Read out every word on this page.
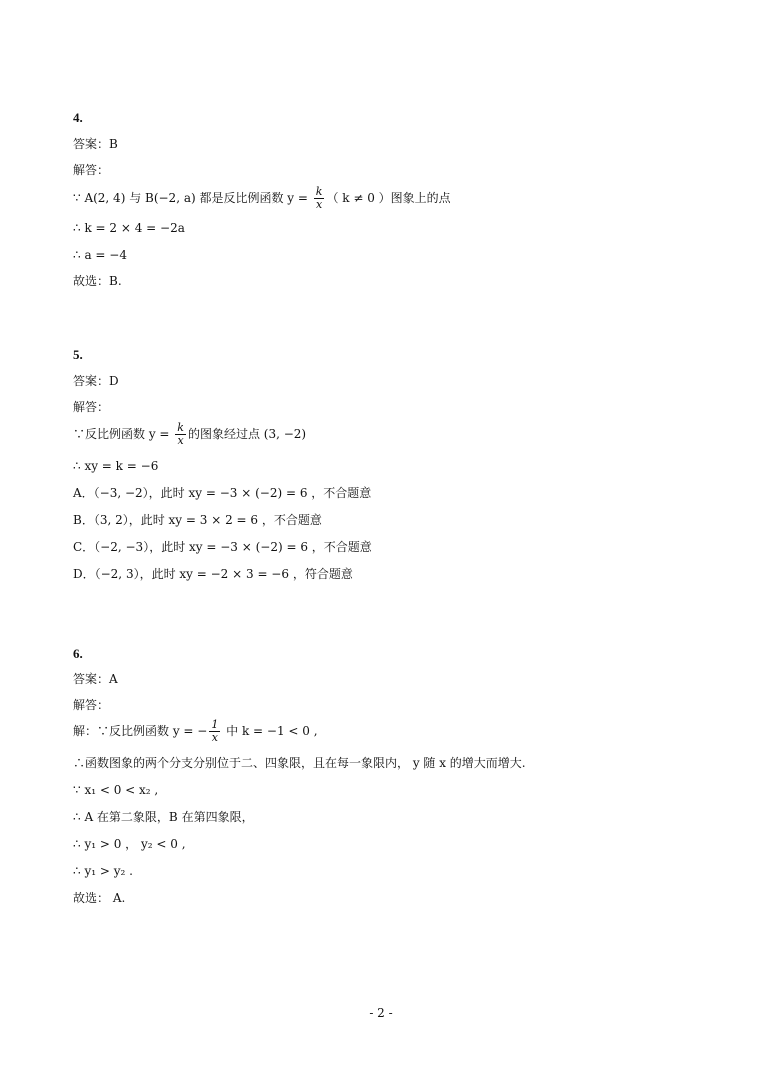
4.
答案：B
解答：
∵ A(2, 4) 与 B(−2, a) 都是反比例函数 $y = \frac{k}{x}$ （ k ≠ 0 ）图象上的点
∴ k = 2 × 4 = −2a
∴ a = −4
故选：B.
5.
答案：D
解答：
∵反比例函数 $y = \frac{k}{x}$ 的图象经过点 (3, −2)
∴ xy = k = −6
A．（−3, −2），此时 xy = −3 × (−2) = 6 ，不合题意
B．（3, 2），此时 xy = 3 × 2 = 6 ，不合题意
C．（−2, −3），此时 xy = −3 × (−2) = 6 ，不合题意
D．（−2, 3），此时 xy = −2 × 3 = −6 ，符合题意
6.
答案：A
解答：
解：∵反比例函数 y = − $\frac{1}{x}$ 中 k = −1 < 0 ,
∴函数图象的两个分支分别位于二、四象限，且在每一象限内， y 随 x 的增大而增大.
∵ x₁ < 0 < x₂ ,
∴ A 在第二象限，B 在第四象限，
∴ y₁ > 0 ， y₂ < 0 ,
∴ y₁ > y₂ .
故选： A.
- 2 -
